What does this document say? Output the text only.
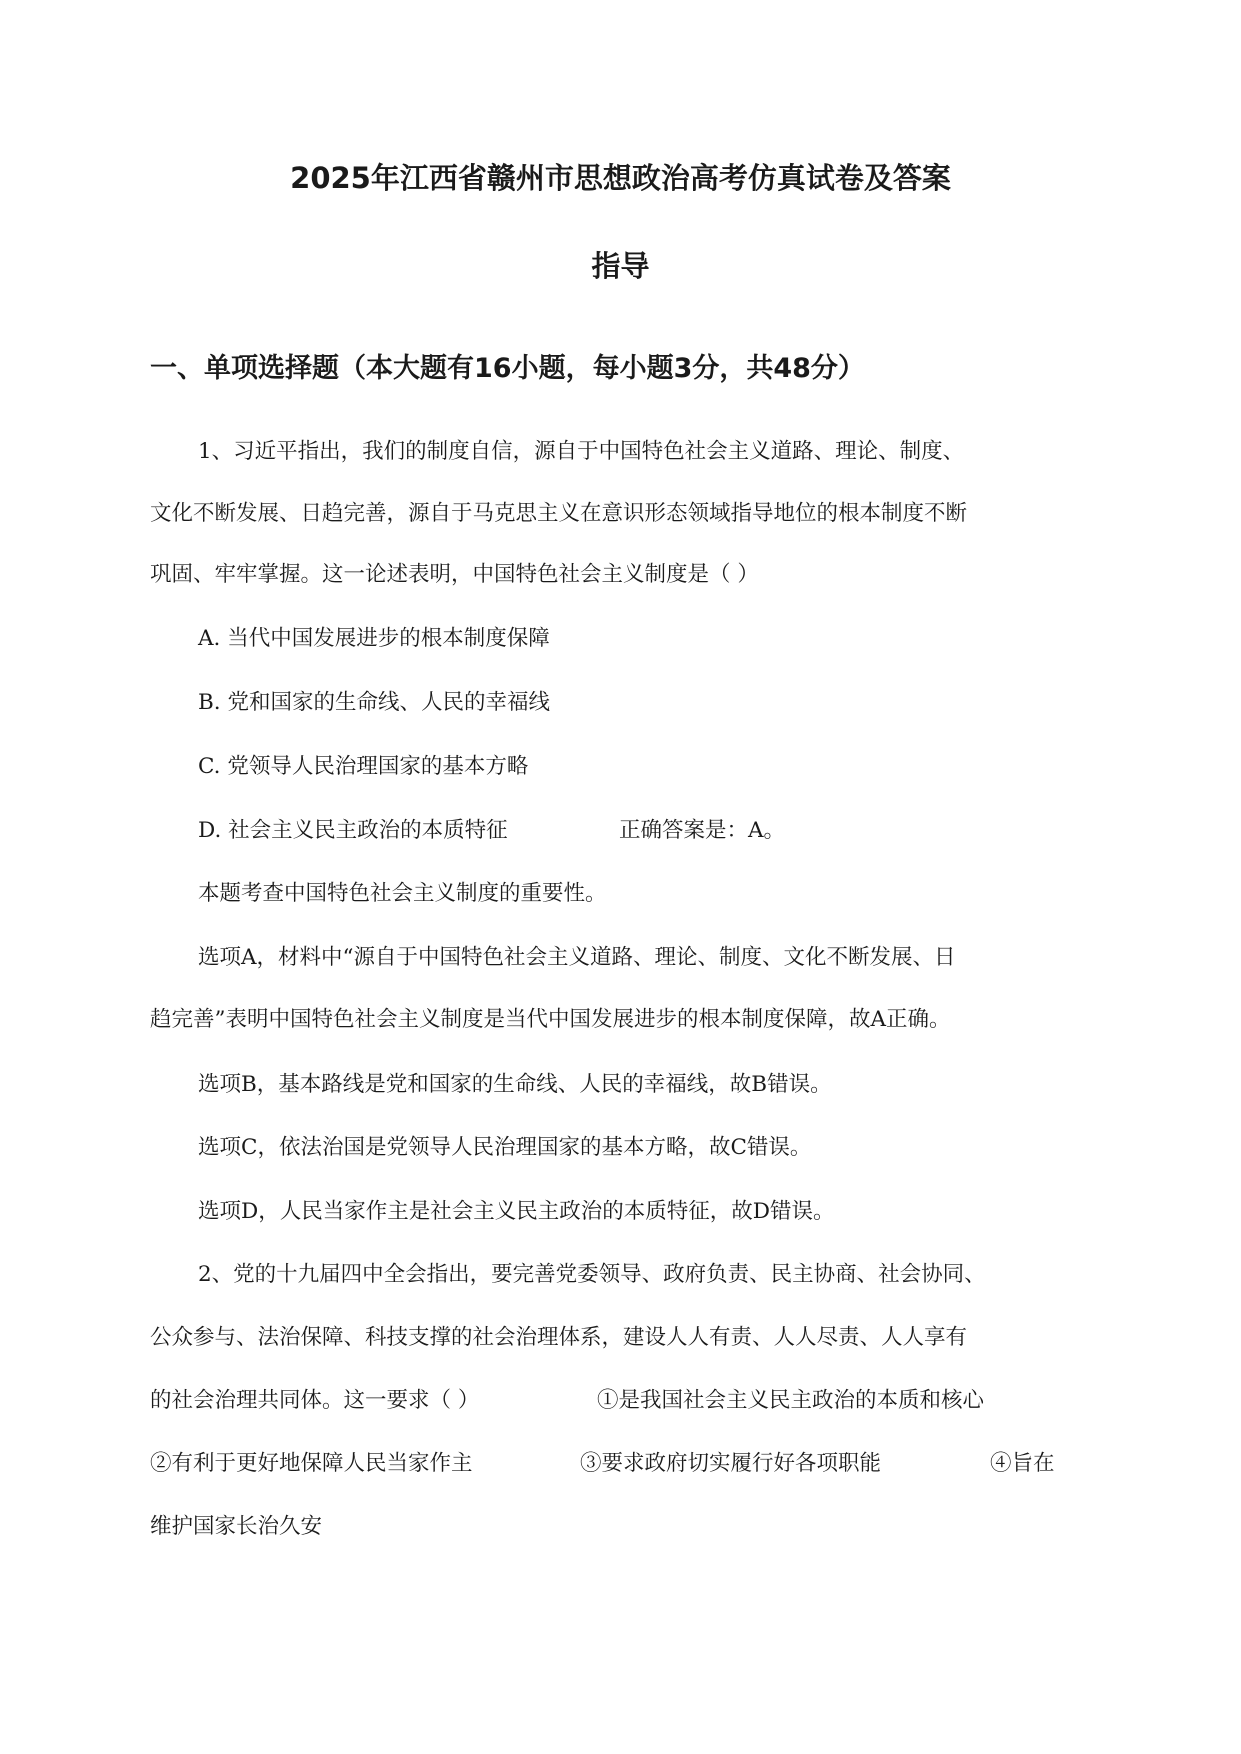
2025年江西省赣州市思想政治高考仿真试卷及答案
指导
一、单项选择题（本大题有16小题，每小题3分，共48分）
1、习近平指出，我们的制度自信，源自于中国特色社会主义道路、理论、制度、
文化不断发展、日趋完善，源自于马克思主义在意识形态领域指导地位的根本制度不断
巩固、牢牢掌握。这一论述表明，中国特色社会主义制度是（ ）
A. 当代中国发展进步的根本制度保障
B. 党和国家的生命线、人民的幸福线
C. 党领导人民治理国家的基本方略
D. 社会主义民主政治的本质特征	正确答案是：A。
本题考查中国特色社会主义制度的重要性。
选项A，材料中“源自于中国特色社会主义道路、理论、制度、文化不断发展、日
趋完善”表明中国特色社会主义制度是当代中国发展进步的根本制度保障，故A正确。
选项B，基本路线是党和国家的生命线、人民的幸福线，故B错误。
选项C，依法治国是党领导人民治理国家的基本方略，故C错误。
选项D，人民当家作主是社会主义民主政治的本质特征，故D错误。
2、党的十九届四中全会指出，要完善党委领导、政府负责、民主协商、社会协同、
公众参与、法治保障、科技支撑的社会治理体系，建设人人有责、人人尽责、人人享有
的社会治理共同体。这一要求（ ）	①是我国社会主义民主政治的本质和核心
②有利于更好地保障人民当家作主	③要求政府切实履行好各项职能	④旨在
维护国家长治久安
